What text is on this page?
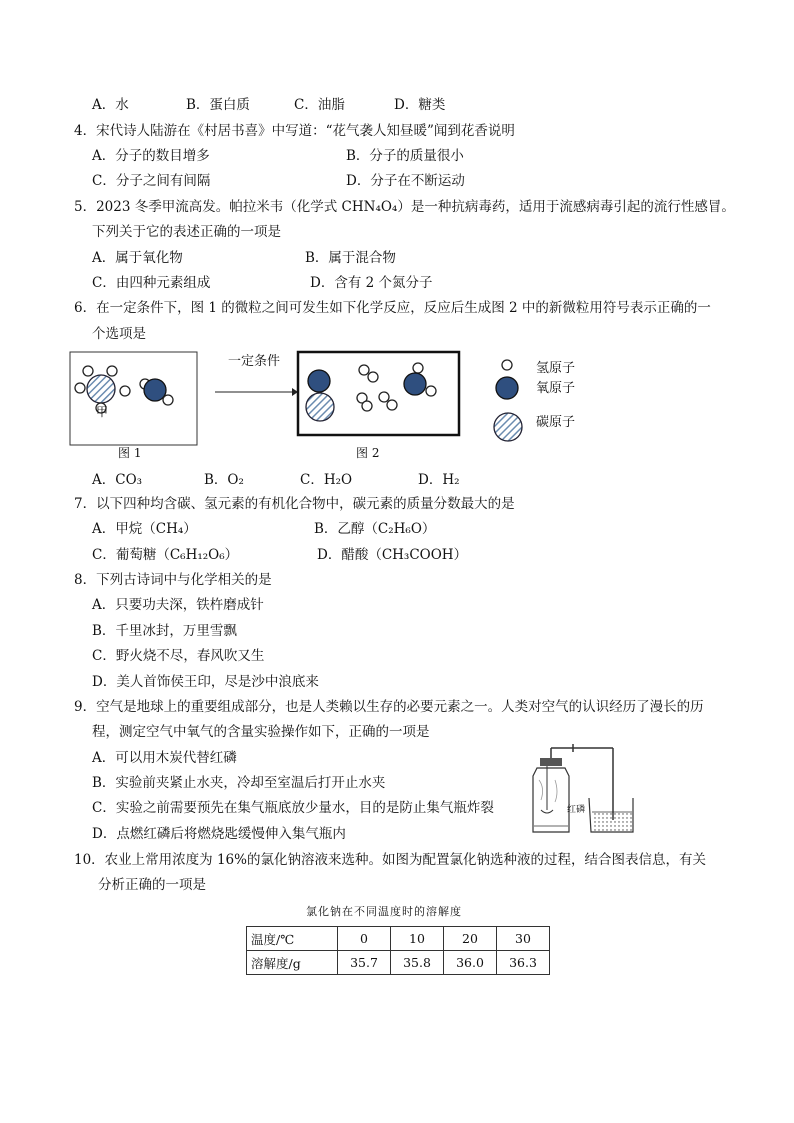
A．水	B．蛋白质	C．油脂	D．糖类
4．宋代诗人陆游在《村居书喜》中写道：“花气袭人知昼暖”闻到花香说明
A．分子的数目增多	B．分子的质量很小
C．分子之间有间隔	D．分子在不断运动
5．2023 冬季甲流高发。帕拉米韦（化学式 CHN₄O₄）是一种抗病毒药，适用于流感病毒引起的流行性感冒。
下列关于它的表述正确的一项是
A．属于氧化物	B．属于混合物
C．由四种元素组成	D．含有 2 个氮分子
6．在一定条件下，图 1 的微粒之间可发生如下化学反应，反应后生成图 2 中的新微粒用符号表示正确的一
个选项是
一定条件
甲
图 1	图 2
氢原子
氧原子
碳原子
A．CO₃	B．O₂	C．H₂O	D．H₂
7．以下四种均含碳、氢元素的有机化合物中，碳元素的质量分数最大的是
A．甲烷（CH₄）	B．乙醇（C₂H₆O）
C．葡萄糖（C₆H₁₂O₆）	D．醋酸（CH₃COOH）
8．下列古诗词中与化学相关的是
A．只要功夫深，铁杵磨成针
B．千里冰封，万里雪飘
C．野火烧不尽，春风吹又生
D．美人首饰侯王印，尽是沙中浪底来
9．空气是地球上的重要组成部分，也是人类赖以生存的必要元素之一。人类对空气的认识经历了漫长的历
程，测定空气中氧气的含量实验操作如下，正确的一项是
A．可以用木炭代替红磷
B．实验前夹紧止水夹，冷却至室温后打开止水夹
C．实验之前需要预先在集气瓶底放少量水，目的是防止集气瓶炸裂
D．点燃红磷后将燃烧匙缓慢伸入集气瓶内
红磷
10．农业上常用浓度为 16%的氯化钠溶液来选种。如图为配置氯化钠选种液的过程，结合图表信息，有关
分析正确的一项是
氯化钠在不同温度时的溶解度
温度/℃	0	10	20	30
溶解度/g	35.7	35.8	36.0	36.3
